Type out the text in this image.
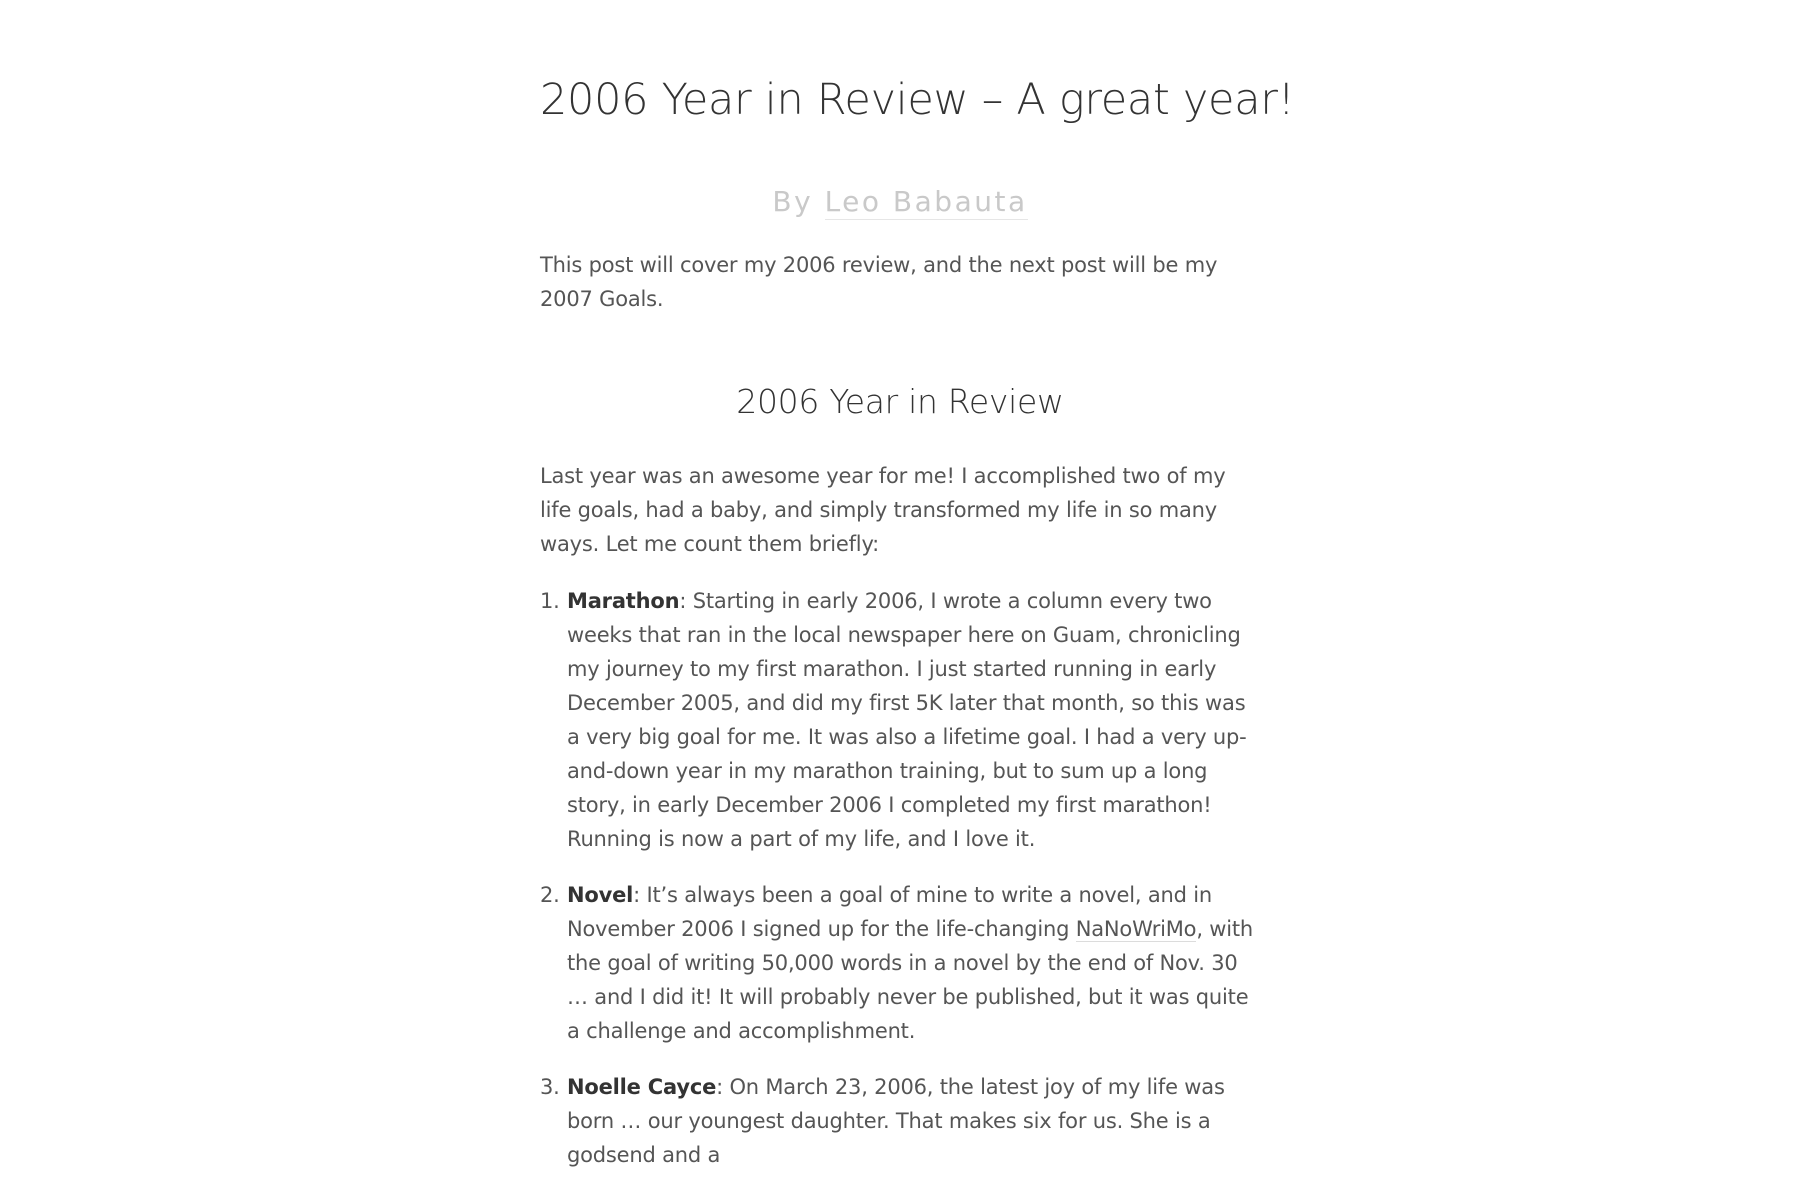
2006 Year in Review – A great year!
By Leo Babauta

This post will cover my 2006 review, and the next post will be my 2007 Goals.

2006 Year in Review

Last year was an awesome year for me! I accomplished two of my life goals, had a baby, and simply transformed my life in so many ways. Let me count them briefly:

1. Marathon: Starting in early 2006, I wrote a column every two weeks that ran in the local newspaper here on Guam, chronicling my journey to my first marathon. I just started running in early December 2005, and did my first 5K later that month, so this was a very big goal for me. It was also a lifetime goal. I had a very up-and-down year in my marathon training, but to sum up a long story, in early December 2006 I completed my first marathon! Running is now a part of my life, and I love it.
2. Novel: It’s always been a goal of mine to write a novel, and in November 2006 I signed up for the life-changing NaNoWriMo, with the goal of writing 50,000 words in a novel by the end of Nov. 30 … and I did it! It will probably never be published, but it was quite a challenge and accomplishment.
3. Noelle Cayce: On March 23, 2006, the latest joy of my life was born … our youngest daughter. That makes six for us. She is a godsend and a
